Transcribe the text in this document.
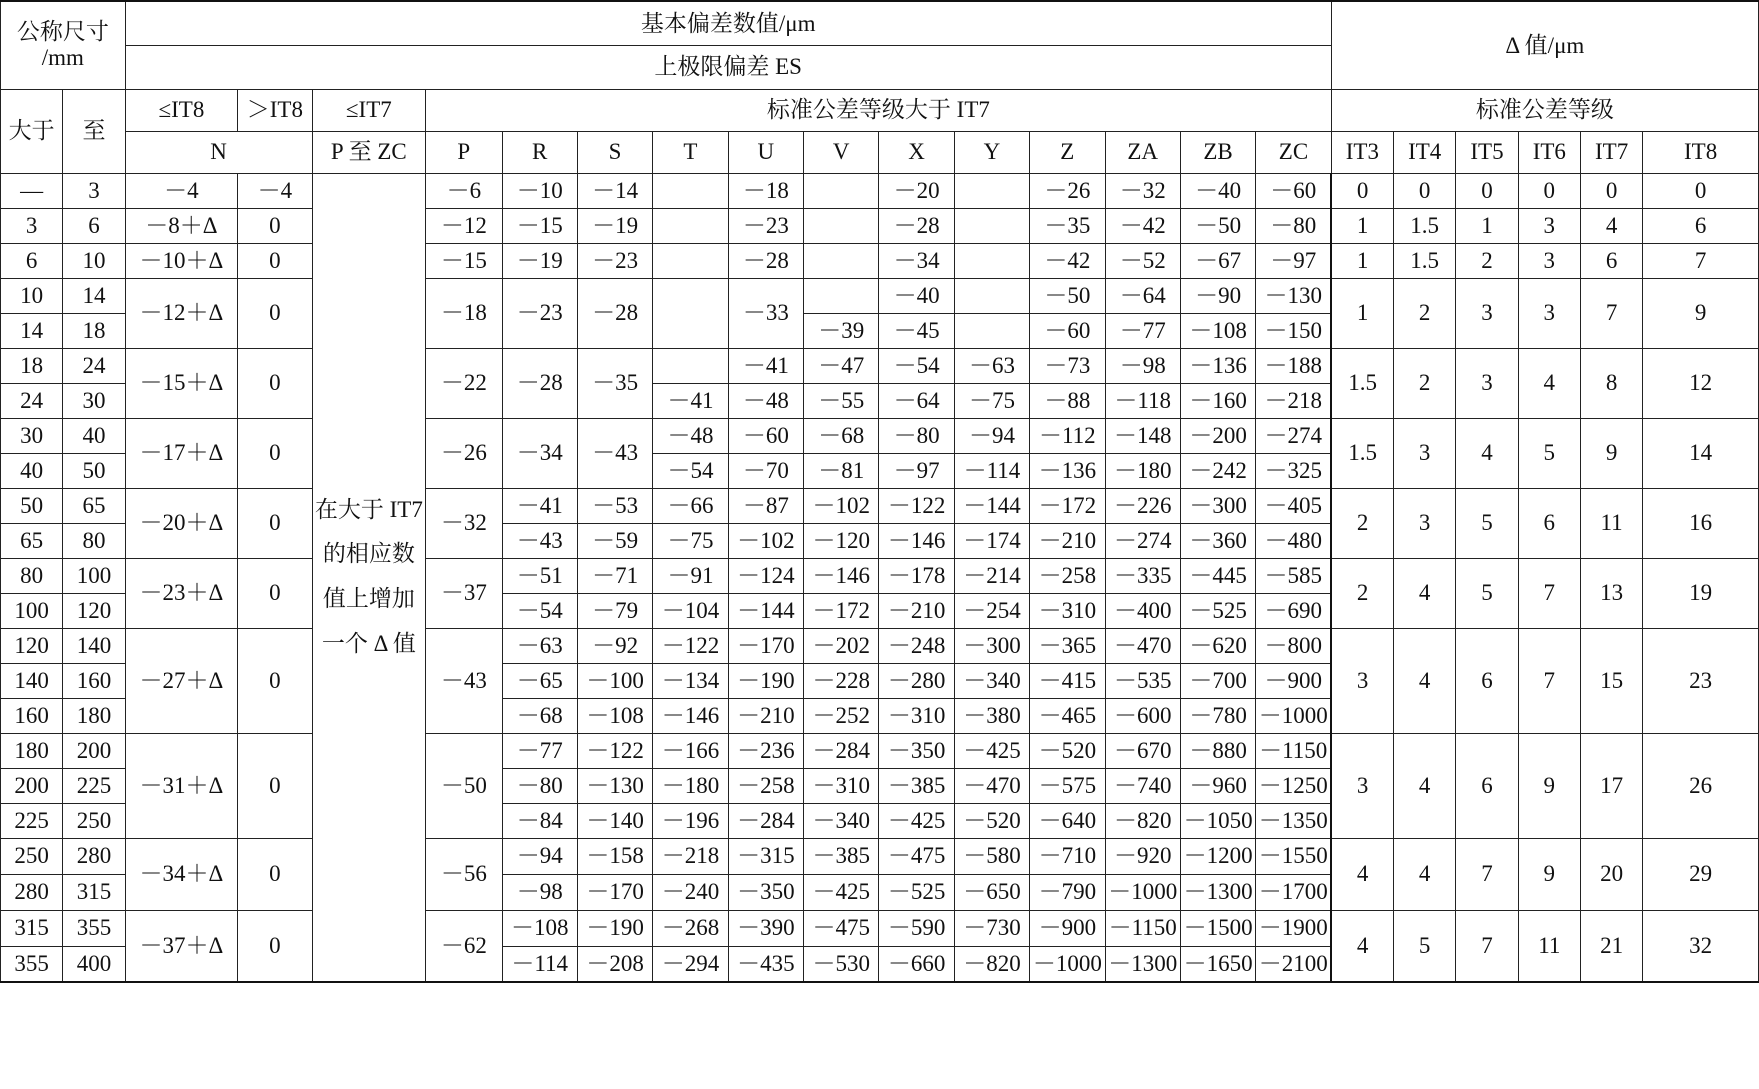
公称尺寸
/mm		基本偏差数值/μm															Δ 值/μm					
		上极限偏差 ES																				
大于	至	≤IT8	＞IT8	≤IT7	标准公差等级大于 IT7												标准公差等级					
		N		P 至 ZC	P	R	S	T	U	V	X	Y	Z	ZA	ZB	ZC	IT3	IT4	IT5	IT6	IT7	IT8
—	3	－4	－4	在大于 IT7 的相应数值上增加一个 Δ 值	－6	－10	－14		－18		－20		－26	－32	－40	－60	0	0	0	0	0	0
3	6	－8＋Δ	0		－12	－15	－19		－23		－28		－35	－42	－50	－80	1	1.5	1	3	4	6
6	10	－10＋Δ	0		－15	－19	－23		－28		－34		－42	－52	－67	－97	1	1.5	2	3	6	7
10	14	－12＋Δ	0		－18	－23	－28		－33		－40		－50	－64	－90	－130	1	2	3	3	7	9
14	18									－39	－45		－60	－77	－108	－150						
18	24	－15＋Δ	0		－22	－28	－35		－41	－47	－54	－63	－73	－98	－136	－188	1.5	2	3	4	8	12
24	30							－41	－48	－55	－64	－75	－88	－118	－160	－218						
30	40	－17＋Δ	0		－26	－34	－43	－48	－60	－68	－80	－94	－112	－148	－200	－274	1.5	3	4	5	9	14
40	50							－54	－70	－81	－97	－114	－136	－180	－242	－325						
50	65	－20＋Δ	0		－32	－41	－53	－66	－87	－102	－122	－144	－172	－226	－300	－405	2	3	5	6	11	16
65	80					－43	－59	－75	－102	－120	－146	－174	－210	－274	－360	－480						
80	100	－23＋Δ	0		－37	－51	－71	－91	－124	－146	－178	－214	－258	－335	－445	－585	2	4	5	7	13	19
100	120					－54	－79	－104	－144	－172	－210	－254	－310	－400	－525	－690						
120	140	－27＋Δ	0		－43	－63	－92	－122	－170	－202	－248	－300	－365	－470	－620	－800	3	4	6	7	15	23
140	160					－65	－100	－134	－190	－228	－280	－340	－415	－535	－700	－900						
160	180					－68	－108	－146	－210	－252	－310	－380	－465	－600	－780	－1000						
180	200	－31＋Δ	0		－50	－77	－122	－166	－236	－284	－350	－425	－520	－670	－880	－1150	3	4	6	9	17	26
200	225					－80	－130	－180	－258	－310	－385	－470	－575	－740	－960	－1250						
225	250					－84	－140	－196	－284	－340	－425	－520	－640	－820	－1050	－1350						
250	280	－34＋Δ	0		－56	－94	－158	－218	－315	－385	－475	－580	－710	－920	－1200	－1550	4	4	7	9	20	29
280	315					－98	－170	－240	－350	－425	－525	－650	－790	－1000	－1300	－1700						
315	355	－37＋Δ	0		－62	－108	－190	－268	－390	－475	－590	－730	－900	－1150	－1500	－1900	4	5	7	11	21	32
355	400					－114	－208	－294	－435	－530	－660	－820	－1000	－1300	－1650	－2100						
